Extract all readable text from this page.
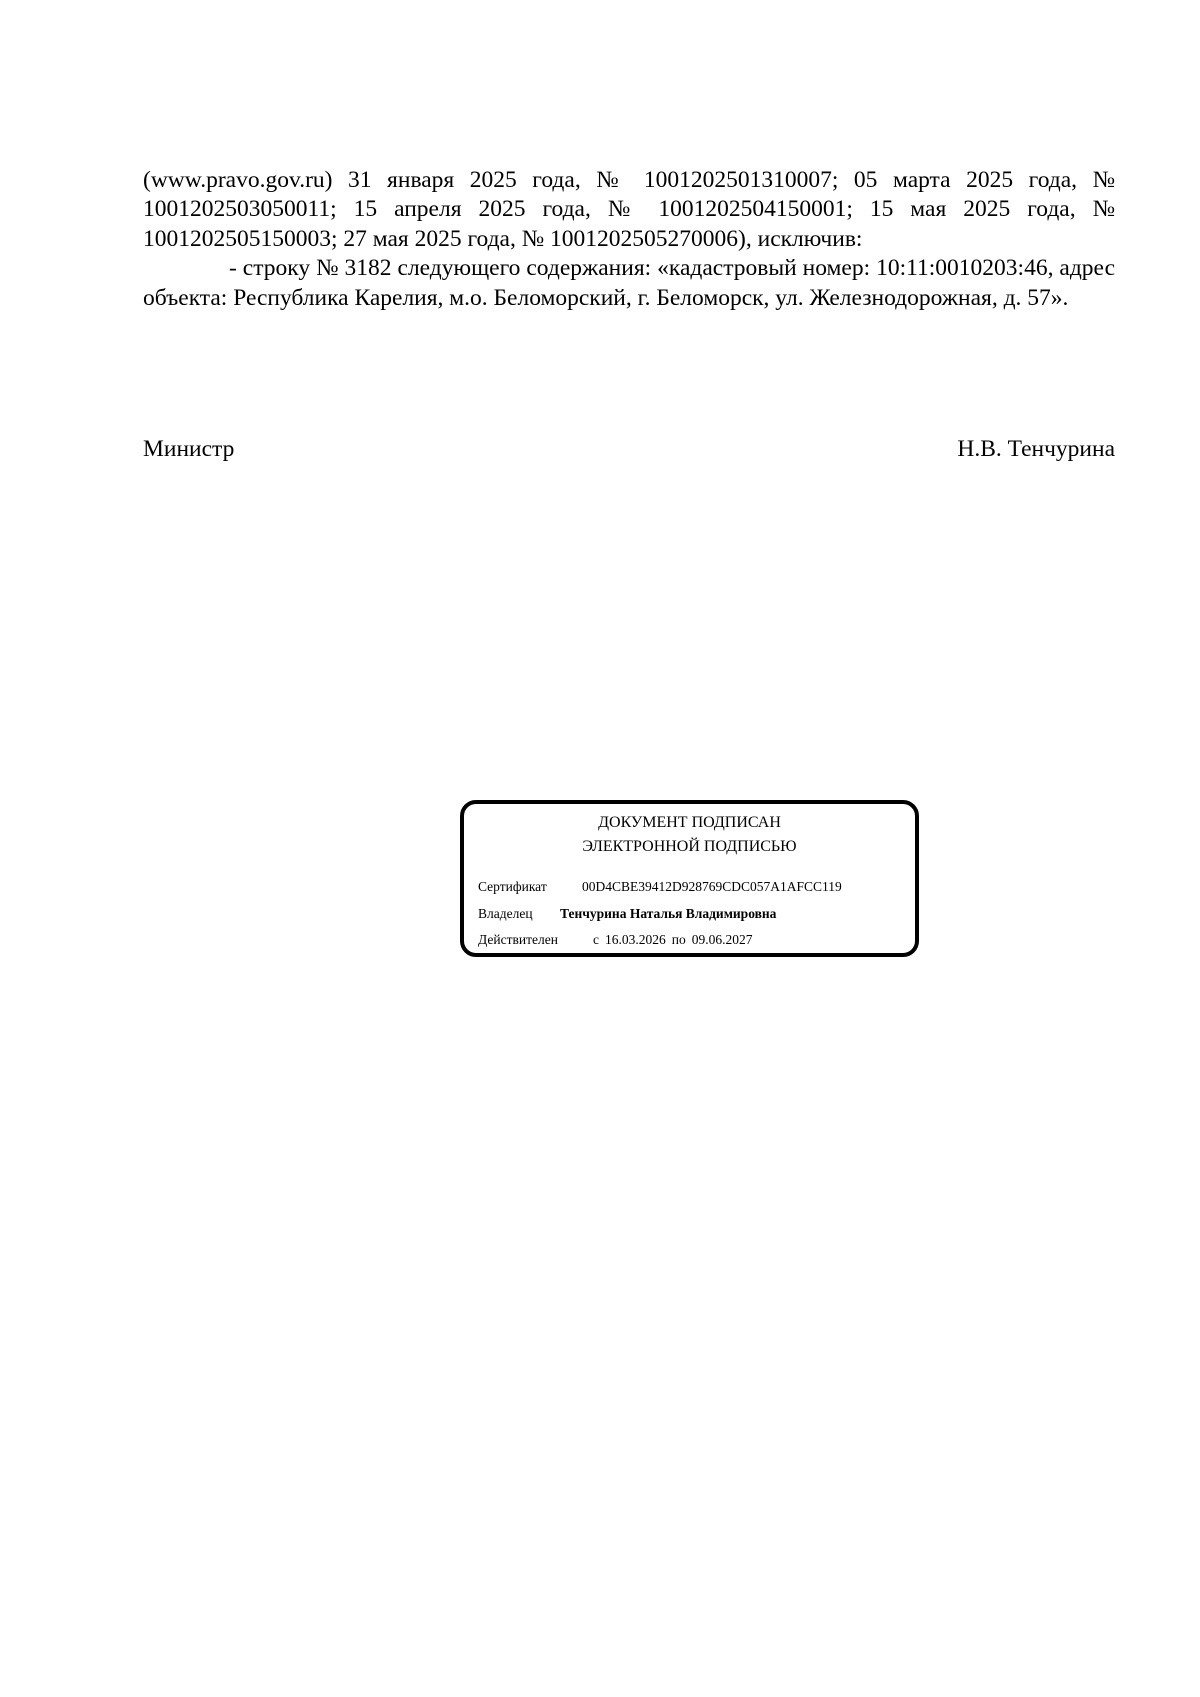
(www.pravo.gov.ru) 31 января 2025 года, № 1001202501310007; 05 марта 2025 года, № 1001202503050011; 15 апреля 2025 года, № 1001202504150001; 15 мая 2025 года, № 1001202505150003; 27 мая 2025 года, № 1001202505270006), исключив:

- строку № 3182 следующего содержания: «кадастровый номер: 10:11:0010203:46, адрес объекта: Республика Карелия, м.о. Беломорский, г. Беломорск, ул. Железнодорожная, д. 57».

Министр	Н.В. Тенчурина
ДОКУМЕНТ ПОДПИСАН
ЭЛЕКТРОННОЙ ПОДПИСЬЮ
Сертификат	00D4CBE39412D928769CDC057A1AFCC119
Владелец Тенчурина Наталья Владимировна
Действителен	с 16.03.2026 по 09.06.2027
